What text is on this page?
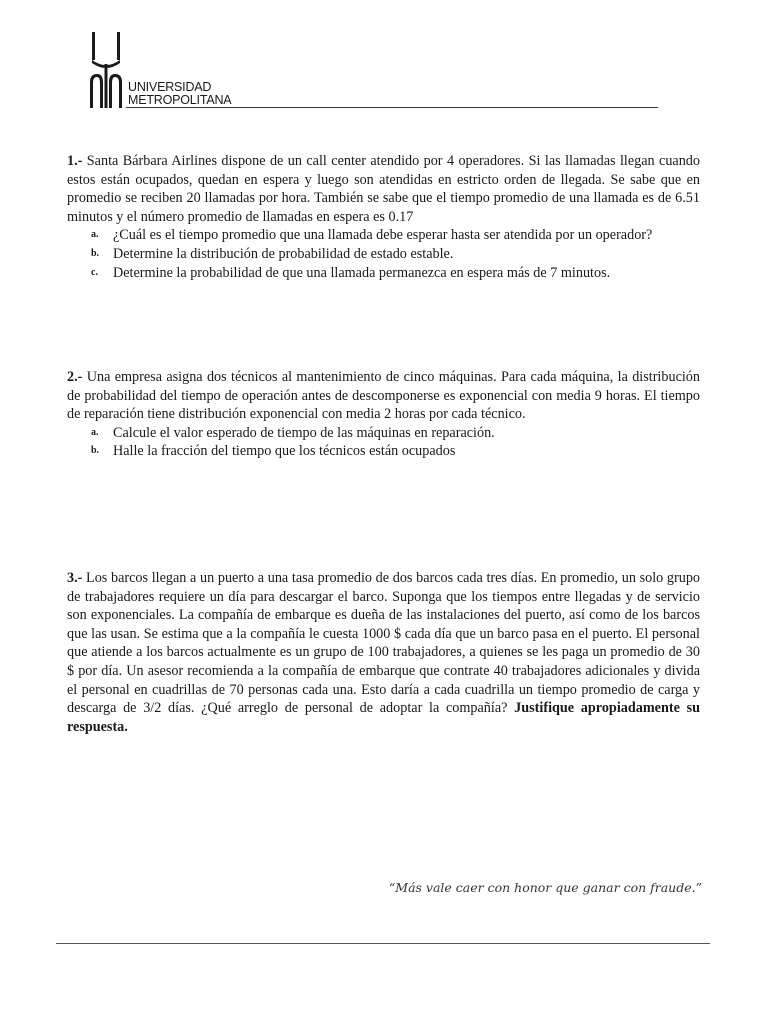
UNIVERSIDAD
METROPOLITANA
1.- Santa Bárbara Airlines dispone de un call center atendido por 4 operadores. Si las llamadas llegan cuando estos están ocupados, quedan en espera y luego son atendidas en estricto orden de llegada. Se sabe que en promedio se reciben 20 llamadas por hora. También se sabe que el tiempo promedio de una llamada es de 6.51 minutos y el número promedio de llamadas en espera es 0.17
a. ¿Cuál es el tiempo promedio que una llamada debe esperar hasta ser atendida por un operador?
b. Determine la distribución de probabilidad de estado estable.
c. Determine la probabilidad de que una llamada permanezca en espera más de 7 minutos.
2.- Una empresa asigna dos técnicos al mantenimiento de cinco máquinas. Para cada máquina, la distribución de probabilidad del tiempo de operación antes de descomponerse es exponencial con media 9 horas. El tiempo de reparación tiene distribución exponencial con media 2 horas por cada técnico.
a. Calcule el valor esperado de tiempo de las máquinas en reparación.
b. Halle la fracción del tiempo que los técnicos están ocupados
3.- Los barcos llegan a un puerto a una tasa promedio de dos barcos cada tres días. En promedio, un solo grupo de trabajadores requiere un día para descargar el barco. Suponga que los tiempos entre llegadas y de servicio son exponenciales. La compañía de embarque es dueña de las instalaciones del puerto, así como de los barcos que las usan. Se estima que a la compañía le cuesta 1000 $ cada día que un barco pasa en el puerto. El personal que atiende a los barcos actualmente es un grupo de 100 trabajadores, a quienes se les paga un promedio de 30 $ por día. Un asesor recomienda a la compañía de embarque que contrate 40 trabajadores adicionales y divida el personal en cuadrillas de 70 personas cada una. Esto daría a cada cuadrilla un tiempo promedio de carga y descarga de 3/2 días. ¿Qué arreglo de personal de adoptar la compañía? Justifique apropiadamente su respuesta.
“Más vale caer con honor que ganar con fraude.”
